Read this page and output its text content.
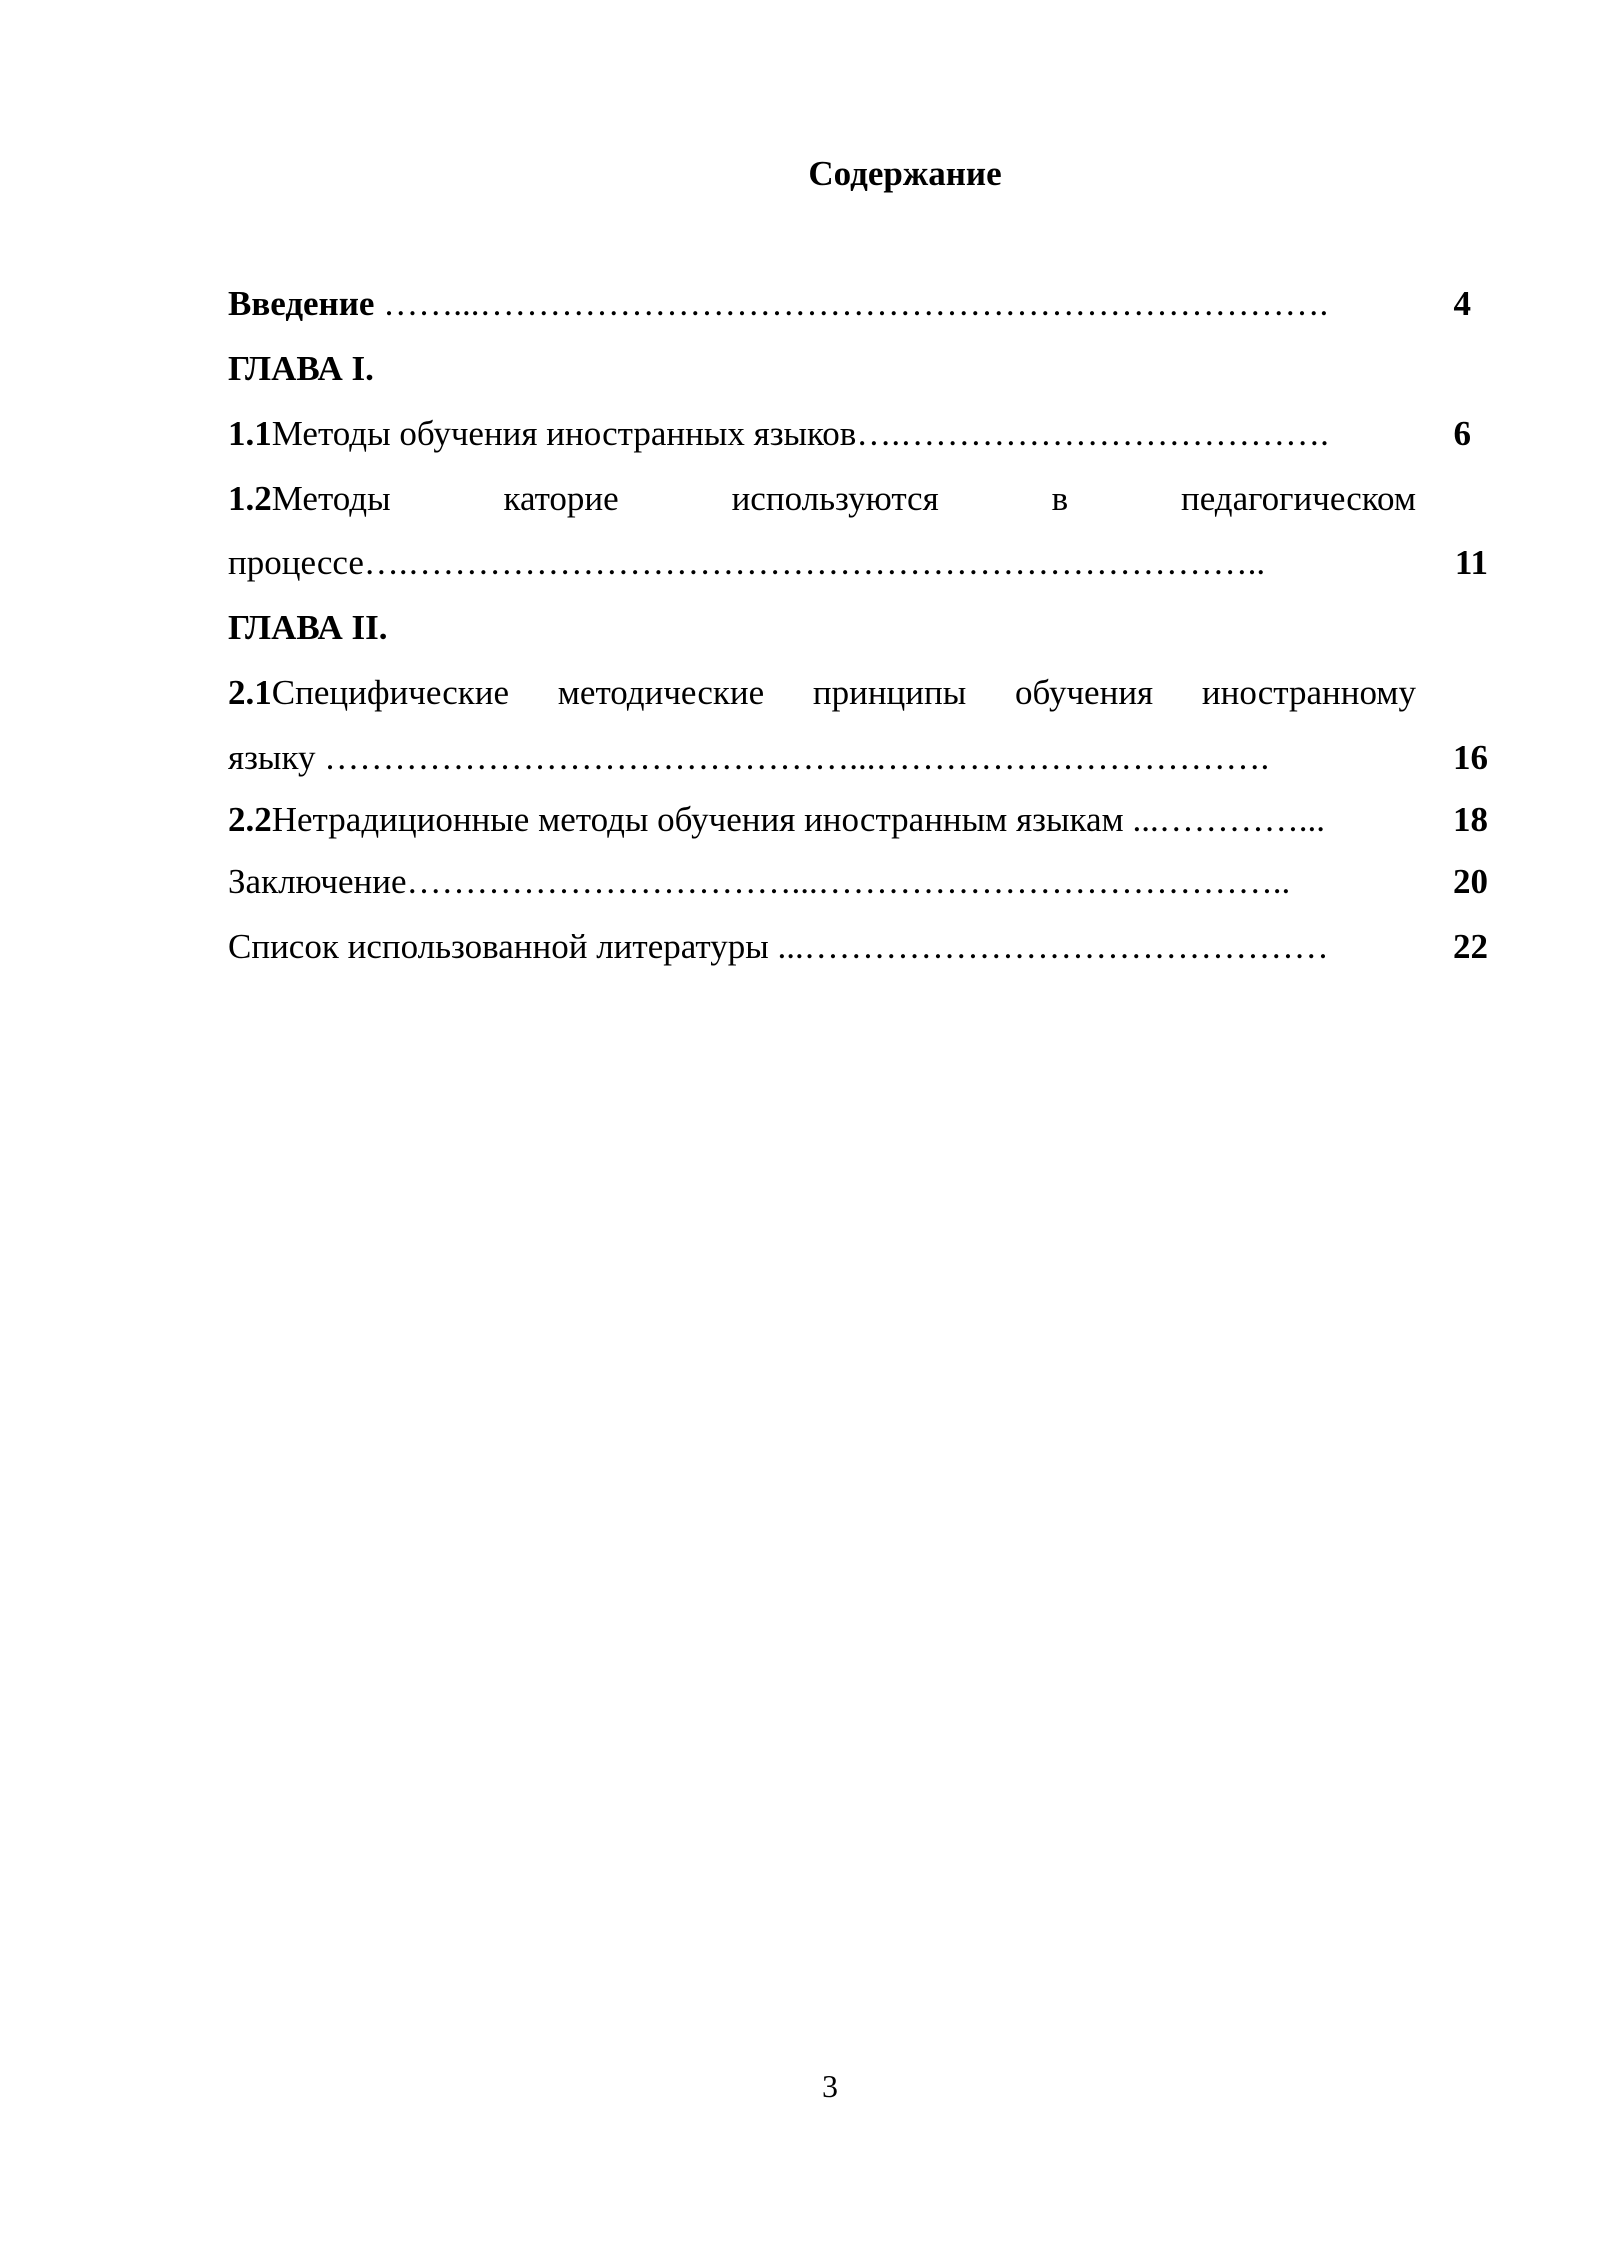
Содержание
Введение ……...……………………………………………………………….	4
ГЛАВА I.
1.1Методы обучения иностранных языков….……………………………….	6
1.2Методы	каторие	используются	в	педагогическом
процессе….………………………………………………………………..	11
ГЛАВА II.
2.1Специфические методические принципы обучения иностранному
языку ………………………………………...…………………………….	16
2.2Нетрадиционные методы обучения иностранным языкам ...…………...	18
Заключение……………………………...…………………………………..	20
Список использованной литературы ...………………………………………	22
3
